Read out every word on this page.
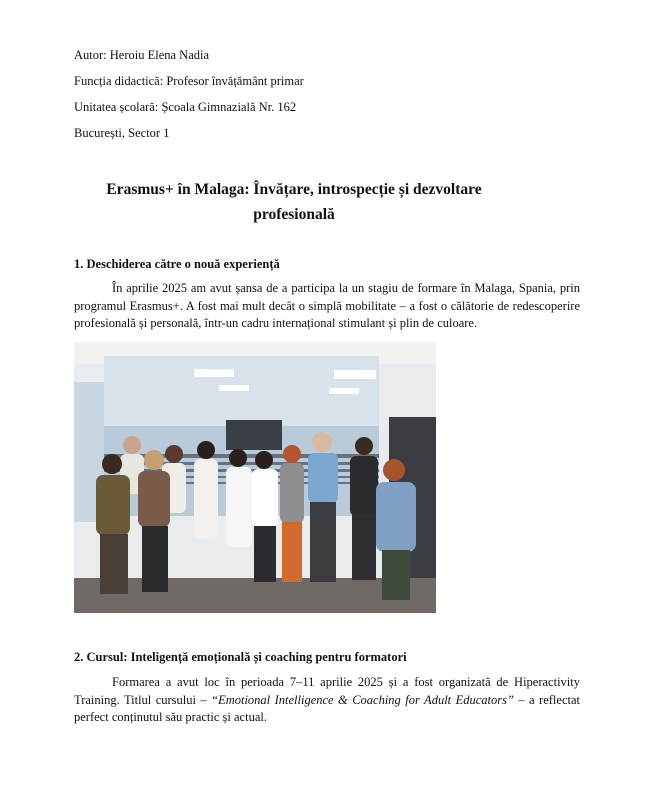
Autor: Heroiu Elena Nadia
Funcția didactică: Profesor învățământ primar
Unitatea școlară: Școala Gimnazială Nr. 162
București, Sector 1
Erasmus+ în Malaga: Învățare, introspecție și dezvoltare profesională
1. Deschiderea către o nouă experiență
În aprilie 2025 am avut șansa de a participa la un stagiu de formare în Malaga, Spania, prin programul Erasmus+. A fost mai mult decât o simplă mobilitate – a fost o călătorie de redescoperire profesională și personală, într-un cadru internațional stimulant și plin de culoare.
2. Cursul: Inteligență emoțională și coaching pentru formatori
Formarea a avut loc în perioada 7–11 aprilie 2025 și a fost organizată de Hiperactivity Training. Titlul cursului – “Emotional Intelligence & Coaching for Adult Educators” – a reflectat perfect conținutul său practic și actual.
